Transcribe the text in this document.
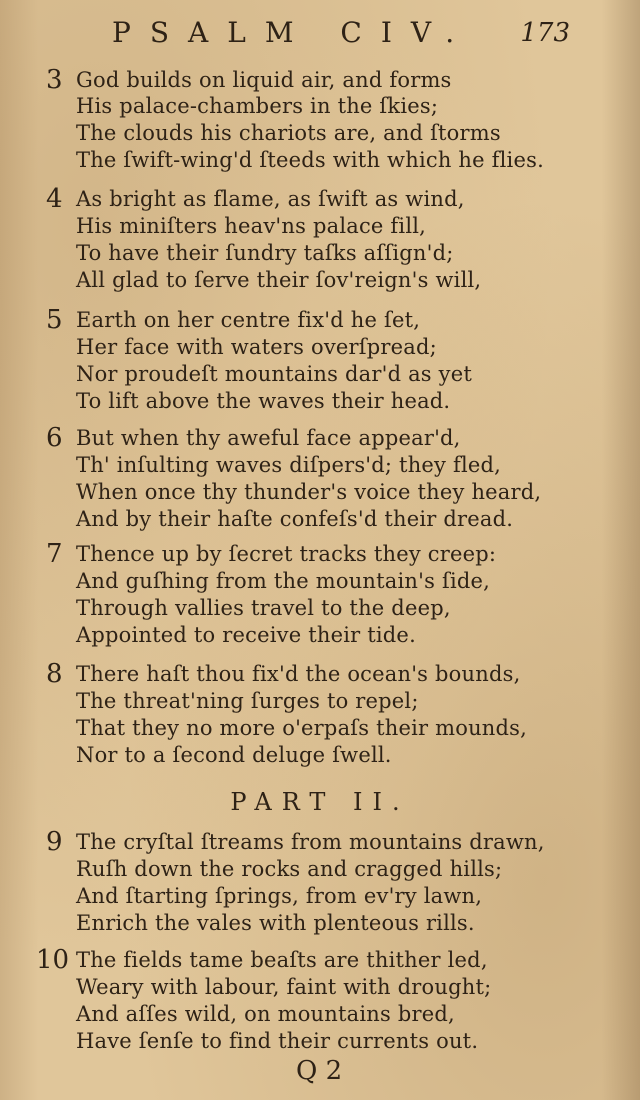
PSALM CIV. 173
3 God builds on liquid air, and forms
His palace-chambers in the ſkies;
The clouds his chariots are, and ſtorms
The ſwift-wing'd ſteeds with which he flies.
4 As bright as flame, as ſwift as wind,
His miniſters heav'ns palace fill,
To have their ſundry taſks aſſign'd;
All glad to ſerve their ſov'reign's will,
5 Earth on her centre fix'd he ſet,
Her face with waters overſpread;
Nor proudeſt mountains dar'd as yet
To lift above the waves their head.
6 But when thy aweful face appear'd,
Th' inſulting waves diſpers'd; they fled,
When once thy thunder's voice they heard,
And by their haſte confeſs'd their dread.
7 Thence up by ſecret tracks they creep:
And guſhing from the mountain's ſide,
Through vallies travel to the deep,
Appointed to receive their tide.
8 There haſt thou fix'd the ocean's bounds,
The threat'ning ſurges to repel;
That they no more o'erpaſs their mounds,
Nor to a ſecond deluge ſwell.
PART II.
9 The cryſtal ſtreams from mountains drawn,
Ruſh down the rocks and cragged hills;
And ſtarting ſprings, from ev'ry lawn,
Enrich the vales with plenteous rills.
10 The fields tame beaſts are thither led,
Weary with labour, faint with drought;
And aſſes wild, on mountains bred,
Have ſenſe to find their currents out.
Q 2
